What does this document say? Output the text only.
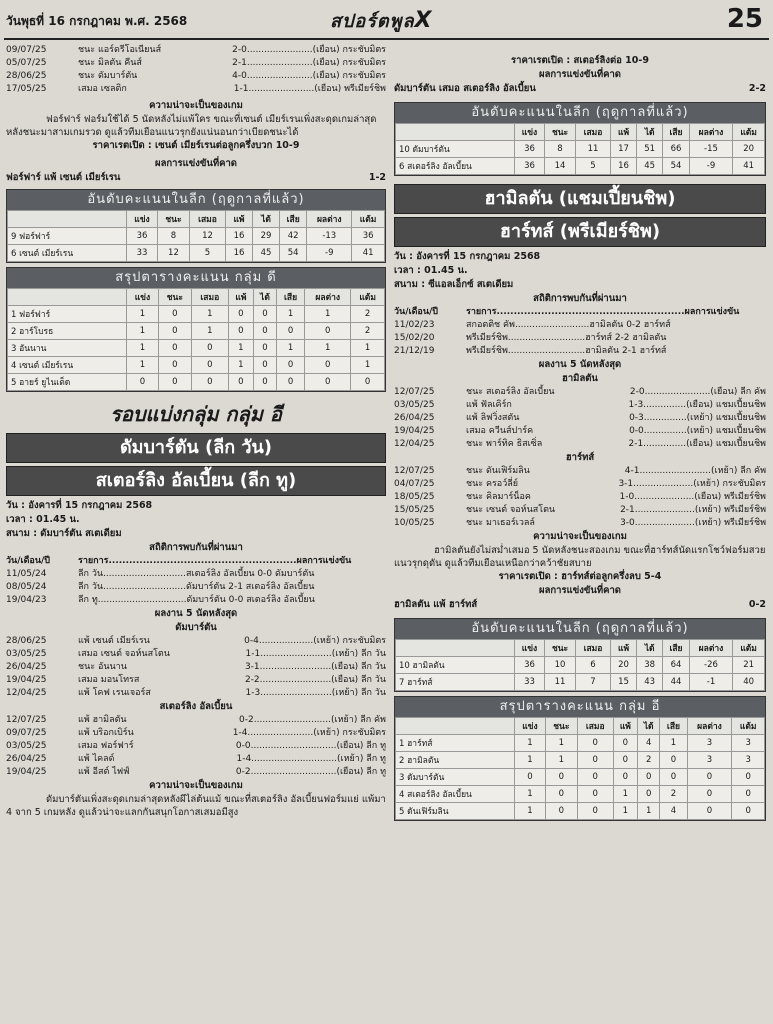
วันพุธที่ 16 กรกฎาคม พ.ศ. 2568	สปอร์ตพูลX	25
09/07/25	ชนะ แอร์ดรีโอเนียนส์	2-0.......................(เยือน) กระชับมิตร
05/07/25	ชนะ มิลตัน คีนส์	2-1.......................(เยือน) กระชับมิตร
28/06/25	ชนะ ดัมบาร์ตัน	4-0.......................(เยือน) กระชับมิตร
17/05/25	เสมอ เซลติก	1-1.......................(เยือน) พรีเมียร์ชิพ
ความน่าจะเป็นของเกม
ฟอร์ฟาร์ ฟอร์มใช้ได้ 5 นัดหลังไม่แพ้ใคร ขณะที่เซนต์ เมียร์เรนเพิ่งสะดุดเกมล่าสุดหลังชนะมาสามเกมรวด ดูแล้วทีมเยือนแนวรุกยังแน่นอนกว่าเบียดชนะได้
ราคาเรตเปิด : เซนต์ เมียร์เรนต่อลูกครึ่งบวก 10-9
ผลการแข่งขันที่คาด
ฟอร์ฟาร์ แพ้ เซนต์ เมียร์เรน	1-2
อันดับคะแนนในลีก (ฤดูกาลที่แล้ว)
	แข่ง	ชนะ	เสมอ	แพ้	ได้	เสีย	ผลต่าง	แต้ม
9 ฟอร์ฟาร์	36	8	12	16	29	42	-13	36
6 เซนต์ เมียร์เรน	33	12	5	16	45	54	-9	41
สรุปตารางคะแนน กลุ่ม ดี
	แข่ง	ชนะ	เสมอ	แพ้	ได้	เสีย	ผลต่าง	แต้ม
1 ฟอร์ฟาร์	1	0	1	0	0	1	1	2
2 อาร์โบรธ	1	0	1	0	0	0	0	2
3 อันนาน	1	0	0	1	0	1	1	1
4 เซนต์ เมียร์เรน	1	0	0	1	0	0	0	1
5 อายร์ ยูไนเต็ด	0	0	0	0	0	0	0	0
รอบแบ่งกลุ่ม กลุ่ม อี
ดัมบาร์ตัน (ลีก วัน)
สเตอร์ลิง อัลเบี้ยน (ลีก ทู)
วัน : อังคารที่ 15 กรกฎาคม 2568
เวลา : 01.45 น.
สนาม : ดัมบาร์ตัน สเตเดียม
สถิติการพบกันที่ผ่านมา
วัน/เดือน/ปี	รายการ.......................................................ผลการแข่งขัน
11/05/24	ลีก วัน.............................สเตอร์ลิง อัลเบี้ยน 0-0 ดัมบาร์ตัน
08/05/24	ลีก วัน.............................ดัมบาร์ตัน 2-1 สเตอร์ลิง อัลเบี้ยน
19/04/23	ลีก ทู...............................ดัมบาร์ตัน 0-0 สเตอร์ลิง อัลเบี้ยน
ผลงาน 5 นัดหลังสุด
ดัมบาร์ตัน
28/06/25	แพ้ เซนต์ เมียร์เรน	0-4...................(เหย้า) กระชับมิตร
03/05/25	เสมอ เซนต์ จอห์นสโตน	1-1.........................(เหย้า) ลีก วัน
26/04/25	ชนะ อันนาน	3-1.........................(เยือน) ลีก วัน
19/04/25	เสมอ มอนโทรส	2-2.........................(เยือน) ลีก วัน
12/04/25	แพ้ โคฟ เรนเจอร์ส	1-3.........................(เหย้า) ลีก วัน
สเตอร์ลิง อัลเบี้ยน
12/07/25	แพ้ ฮามิลตัน	0-2...........................(เหย้า) ลีก คัพ
09/07/25	แพ้ บริอกเบิร์น	1-4.......................(เหย้า) กระชับมิตร
03/05/25	เสมอ ฟอร์ฟาร์	0-0..............................(เยือน) ลีก ทู
26/04/25	แพ้ ไคลด์	1-4..............................(เหย้า) ลีก ทู
19/04/25	แพ้ อีสต์ ไฟฟ์	0-2..............................(เยือน) ลีก ทู
ความน่าจะเป็นของเกม
ดัมบาร์ตันเพิ่งสะดุดเกมล่าสุดหลังผีไล่ต้นแม้ ขณะที่สเตอร์ลิง อัลเบี้ยนฟอร์มแย่ แพ้มา 4 จาก 5 เกมหลัง ดูแล้วน่าจะแลกกันสนุกโอกาสเสมอมีสูง
ราคาเรตเปิด : สเตอร์ลิงต่อ 10-9
ผลการแข่งขันที่คาด
ดัมบาร์ตัน เสมอ สเตอร์ลิง อัลเบี้ยน	2-2
อันดับคะแนนในลีก (ฤดูกาลที่แล้ว)
	แข่ง	ชนะ	เสมอ	แพ้	ได้	เสีย	ผลต่าง	แต้ม
10 ดัมบาร์ตัน	36	8	11	17	51	66	-15	20
6 สเตอร์ลิง อัลเบี้ยน	36	14	5	16	45	54	-9	41
ฮามิลตัน (แชมเปี้ยนชิพ)
ฮาร์ทส์ (พรีเมียร์ชิพ)
วัน : อังคารที่ 15 กรกฎาคม 2568
เวลา : 01.45 น.
สนาม : ซีแอลเอ็กซ์ สเตเดียม
สถิติการพบกันที่ผ่านมา
วัน/เดือน/ปี	รายการ.......................................................ผลการแข่งขัน
11/02/23	สกอตติช คัพ..........................ฮามิลตัน 0-2 ฮาร์ทส์
15/02/20	พรีเมียร์ชิพ...........................ฮาร์ทส์ 2-2 ฮามิลตัน
21/12/19	พรีเมียร์ชิพ...........................ฮามิลตัน 2-1 ฮาร์ทส์
ผลงาน 5 นัดหลังสุด
ฮามิลตัน
12/07/25	ชนะ สเตอร์ลิง อัลเบี้ยน	2-0.......................(เยือน) ลีก คัพ
03/05/25	แพ้ ฟัลเคิร์ก	1-3...............(เยือน) แชมเปี้ยนชิพ
26/04/25	แพ้ ลิฟวิ่งสตัน	0-3...............(เหย้า) แชมเปี้ยนชิพ
19/04/25	เสมอ ควีนส์ปาร์ค	0-0...............(เหย้า) แชมเปี้ยนชิพ
12/04/25	ชนะ พาร์ทิค ธิสเซิ่ล	2-1...............(เยือน) แชมเปี้ยนชิพ
ฮาร์ทส์
12/07/25	ชนะ ดันเฟิร์มลิน	4-1.........................(เหย้า) ลีก คัพ
04/07/25	ชนะ ครอว์ลี่ย์	3-1.....................(เหย้า) กระชับมิตร
18/05/25	ชนะ คิลมาร์น็อค	1-0.....................(เยือน) พรีเมียร์ชิพ
15/05/25	ชนะ เซนต์ จอห์นสโตน	2-1.....................(เหย้า) พรีเมียร์ชิพ
10/05/25	ชนะ มาเธอร์เวลล์	3-0.....................(เหย้า) พรีเมียร์ชิพ
ความน่าจะเป็นของเกม
ฮามิลตันยังไม่สม่ำเสมอ 5 นัดหลังชนะสองเกม ขณะที่ฮาร์ทส์นัดแรกโชว์ฟอร์มสวยแนวรุกดุดัน ดูแล้วทีมเยือนเหนือกว่าคว้าชัยสบาย
ราคาเรตเปิด : ฮาร์ทส์ต่อลูกครึ่งลบ 5-4
ผลการแข่งขันที่คาด
ฮามิลตัน แพ้ ฮาร์ทส์	0-2
อันดับคะแนนในลีก (ฤดูกาลที่แล้ว)
	แข่ง	ชนะ	เสมอ	แพ้	ได้	เสีย	ผลต่าง	แต้ม
10 ฮามิลตัน	36	10	6	20	38	64	-26	21
7 ฮาร์ทส์	33	11	7	15	43	44	-1	40
สรุปตารางคะแนน กลุ่ม อี
	แข่ง	ชนะ	เสมอ	แพ้	ได้	เสีย	ผลต่าง	แต้ม
1 ฮาร์ทส์	1	1	0	0	4	1	3	3
2 ฮามิลตัน	1	1	0	0	2	0	3	3
3 ดัมบาร์ตัน	0	0	0	0	0	0	0	0
4 สเตอร์ลิง อัลเบี้ยน	1	0	0	1	0	2	0	0
5 ดันเฟิร์มลิน	1	0	0	1	1	4	0	0
